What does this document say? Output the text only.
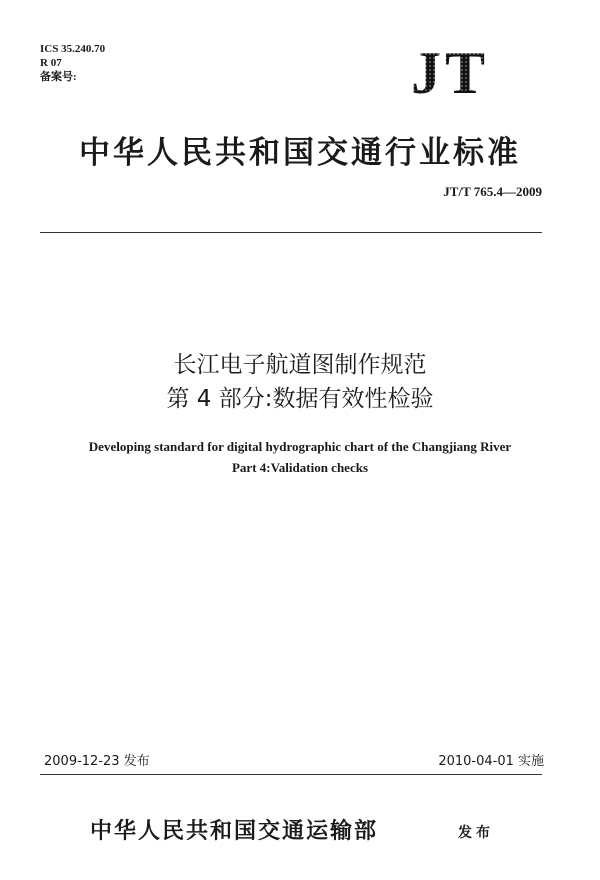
ICS 35.240.70
R 07
备案号:	JT
中华人民共和国交通行业标准
JT/T 765.4—2009
长江电子航道图制作规范
第 4 部分:数据有效性检验
Developing standard for digital hydrographic chart of the Changjiang River
Part 4:Validation checks
2009-12-23 发布	2010-04-01 实施
中华人民共和国交通运输部	发布
